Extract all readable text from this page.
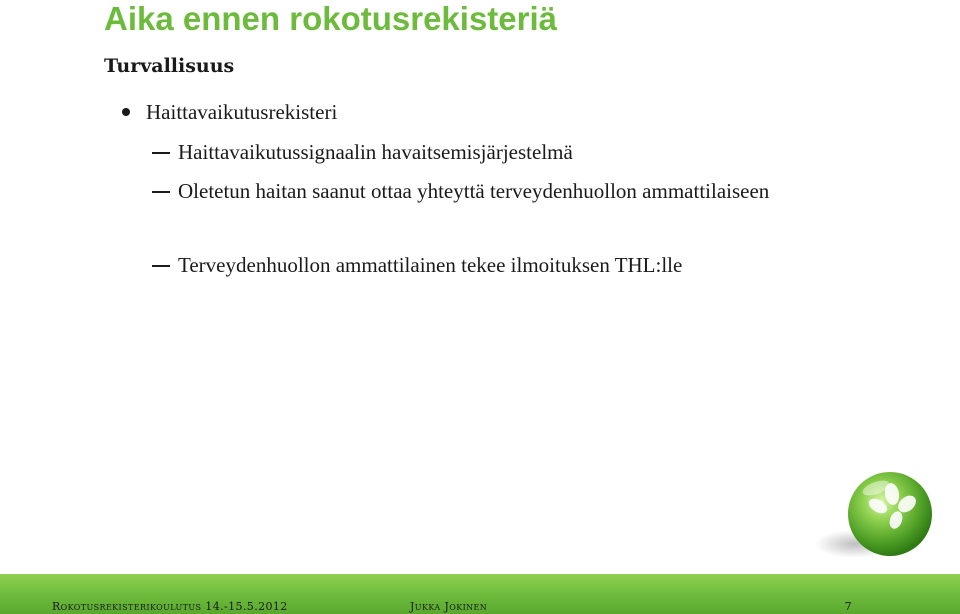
Aika ennen rokotusrekisteriä
Turvallisuus
Haittavaikutusrekisteri
Haittavaikutussignaalin havaitsemisjärjestelmä
Oletetun haitan saanut ottaa yhteyttä terveydenhuollon ammattilaiseen
Terveydenhuollon ammattilainen tekee ilmoituksen THL:lle
Rokotusrekisterikoulutus 14.-15.5.2012	Jukka Jokinen	7
